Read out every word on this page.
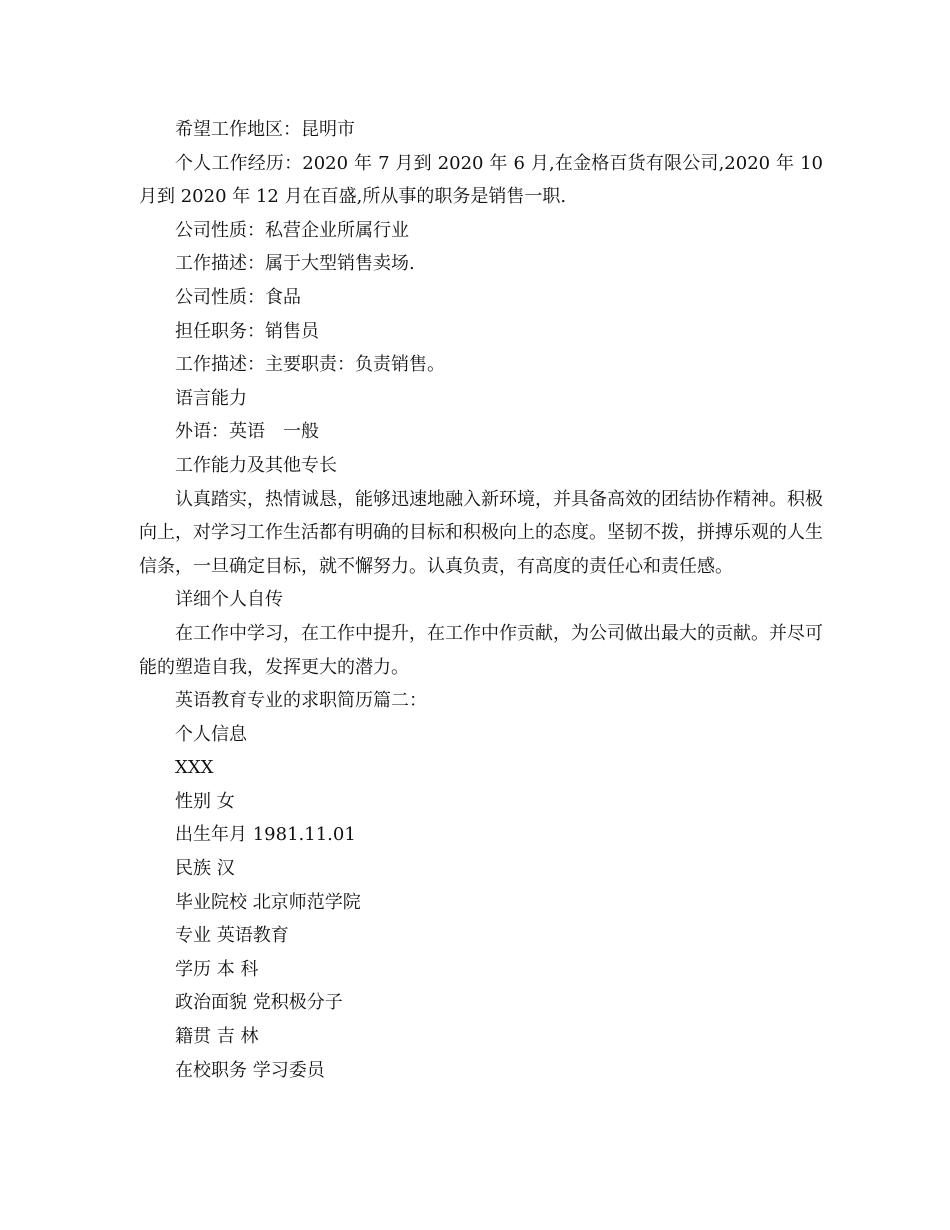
希望工作地区：昆明市

个人工作经历：2020 年 7 月到 2020 年 6 月,在金格百货有限公司,2020 年 10 月到 2020 年 12 月在百盛,所从事的职务是销售一职.

公司性质：私营企业所属行业

工作描述：属于大型销售卖场.

公司性质：食品

担任职务：销售员

工作描述：主要职责：负责销售。

语言能力

外语：英语　一般

工作能力及其他专长

认真踏实，热情诚恳，能够迅速地融入新环境，并具备高效的团结协作精神。积极向上，对学习工作生活都有明确的目标和积极向上的态度。坚韧不拨，拼搏乐观的人生信条，一旦确定目标，就不懈努力。认真负责，有高度的责任心和责任感。

详细个人自传

在工作中学习，在工作中提升，在工作中作贡献，为公司做出最大的贡献。并尽可能的塑造自我，发挥更大的潜力。

英语教育专业的求职简历篇二：

个人信息

XXX

性别 女

出生年月 1981.11.01

民族 汉

毕业院校 北京师范学院

专业 英语教育

学历 本 科

政治面貌 党积极分子

籍贯 吉 林

在校职务 学习委员
